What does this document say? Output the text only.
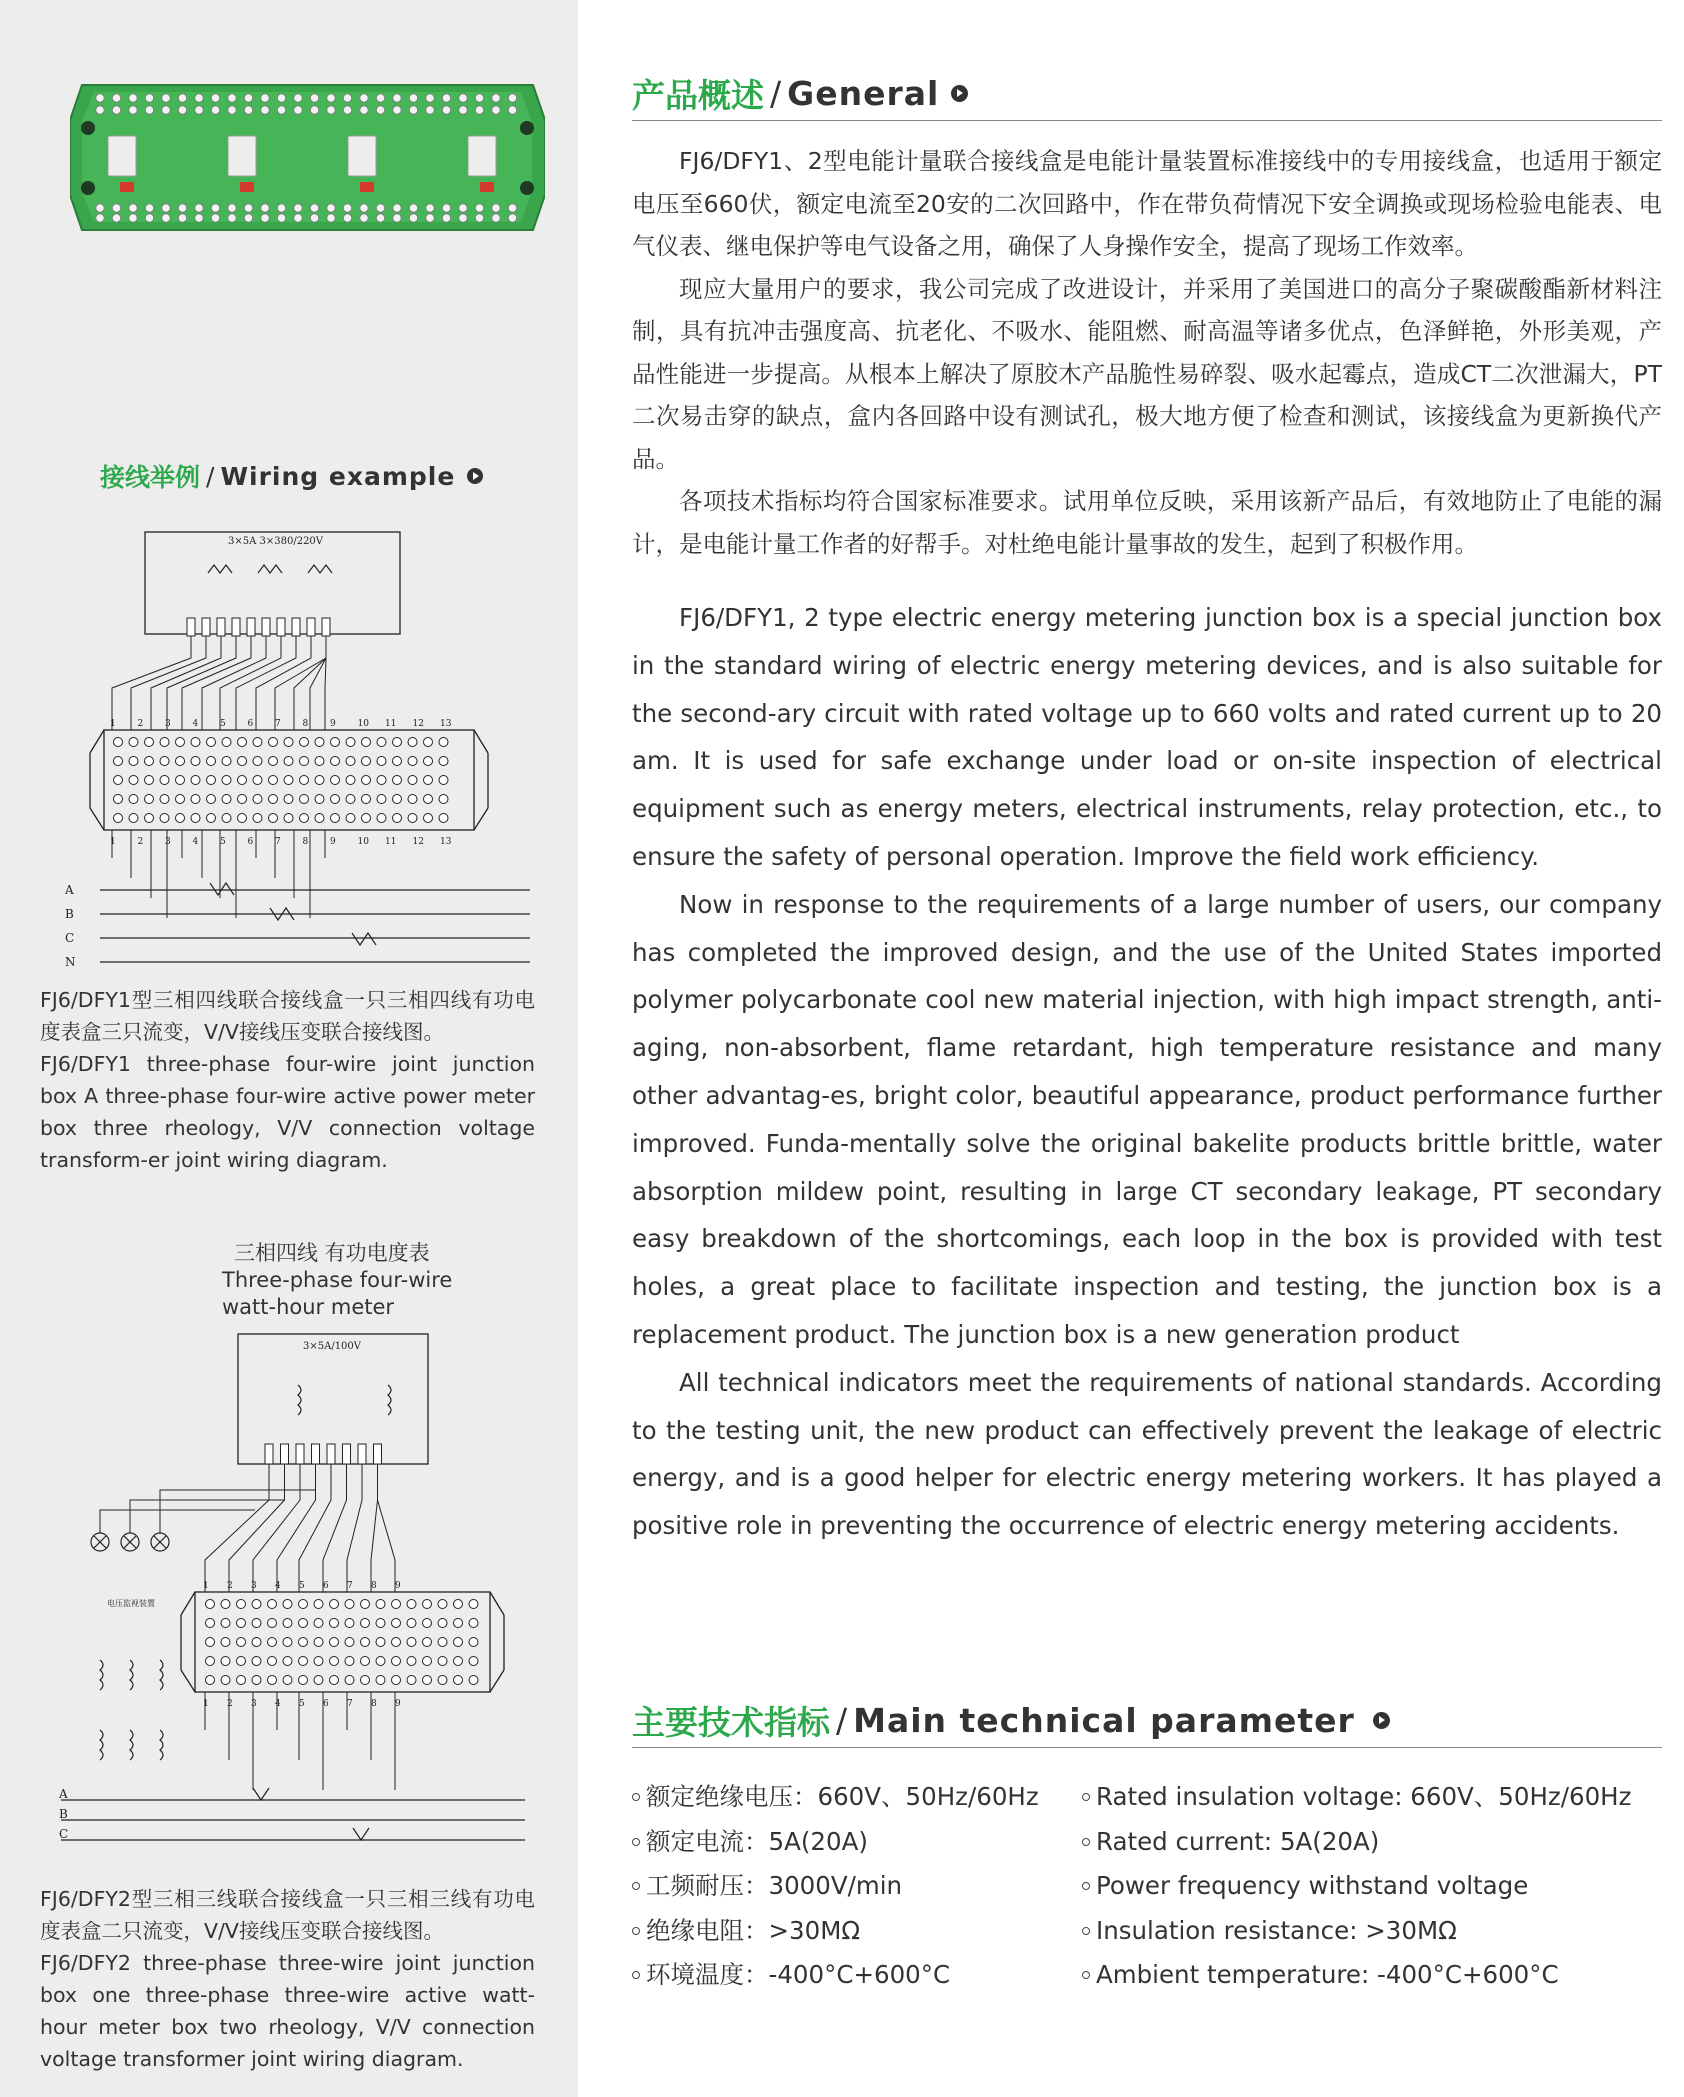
接线举例 / Wiring example
3×5A 3×380/220V
1 2 3 4 5 6 7 8 9 10 11 12 13
1 2 3 4 5 6 7 8 9 10 11 12 13
A
B
C
N

FJ6/DFY1型三相四线联合接线盒一只三相四线有功电度表盒三只流变，V/V接线压变联合接线图。

FJ6/DFY1 three-phase four-wire joint junction box A three-phase four-wire active power meter box three rheology, V/V connection voltage transform-er joint wiring diagram.

三相四线 有功电度表
Three-phase four-wire watt-hour meter
3×5A/100V
电压监视装置
1 2 3 4 5 6 7 8 9
1 2 3 4 5 6 7 8 9
A
B
C

FJ6/DFY2型三相三线联合接线盒一只三相三线有功电度表盒二只流变，V/V接线压变联合接线图。

FJ6/DFY2 three-phase three-wire joint junction box one three-phase three-wire active watt-hour meter box two rheology, V/V connection voltage transformer joint wiring diagram.

产品概述 / General

FJ6/DFY1、2型电能计量联合接线盒是电能计量装置标准接线中的专用接线盒，也适用于额定电压至660伏，额定电流至20安的二次回路中，作在带负荷情况下安全调换或现场检验电能表、电气仪表、继电保护等电气设备之用，确保了人身操作安全，提高了现场工作效率。

现应大量用户的要求，我公司完成了改进设计，并采用了美国进口的高分子聚碳酸酯新材料注制，具有抗冲击强度高、抗老化、不吸水、能阻燃、耐高温等诸多优点，色泽鲜艳，外形美观，产品性能进一步提高。从根本上解决了原胶木产品脆性易碎裂、吸水起霉点，造成CT二次泄漏大，PT二次易击穿的缺点，盒内各回路中设有测试孔，极大地方便了检查和测试，该接线盒为更新换代产品。

各项技术指标均符合国家标准要求。试用单位反映，采用该新产品后，有效地防止了电能的漏计，是电能计量工作者的好帮手。对杜绝电能计量事故的发生，起到了积极作用。

FJ6/DFY1, 2 type electric energy metering junction box is a special junction box in the standard wiring of electric energy metering devices, and is also suitable for the second-ary circuit with rated voltage up to 660 volts and rated current up to 20 am. It is used for safe exchange under load or on-site inspection of electrical equipment such as energy meters, electrical instruments, relay protection, etc., to ensure the safety of personal operation. Improve the field work efficiency.

Now in response to the requirements of a large number of users, our company has completed the improved design, and the use of the United States imported polymer polycarbonate cool new material injection, with high impact strength, anti-aging, non-absorbent, flame retardant, high temperature resistance and many other advantag-es, bright color, beautiful appearance, product performance further improved. Funda-mentally solve the original bakelite products brittle brittle, water absorption mildew point, resulting in large CT secondary leakage, PT secondary easy breakdown of the shortcomings, each loop in the box is provided with test holes, a great place to facilitate inspection and testing, the junction box is a replacement product. The junction box is a new generation product

All technical indicators meet the requirements of national standards. According to the testing unit, the new product can effectively prevent the leakage of electric energy, and is a good helper for electric energy metering workers. It has played a positive role in preventing the occurrence of electric energy metering accidents.

主要技术指标 / Main technical parameter
额定绝缘电压：660V、50Hz/60Hz
额定电流：5A(20A)
工频耐压：3000V/min
绝缘电阻：>30MΩ
环境温度：-400°C+600°C
Rated insulation voltage: 660V、50Hz/60Hz
Rated current: 5A(20A)
Power frequency withstand voltage
Insulation resistance: >30MΩ
Ambient temperature: -400°C+600°C
